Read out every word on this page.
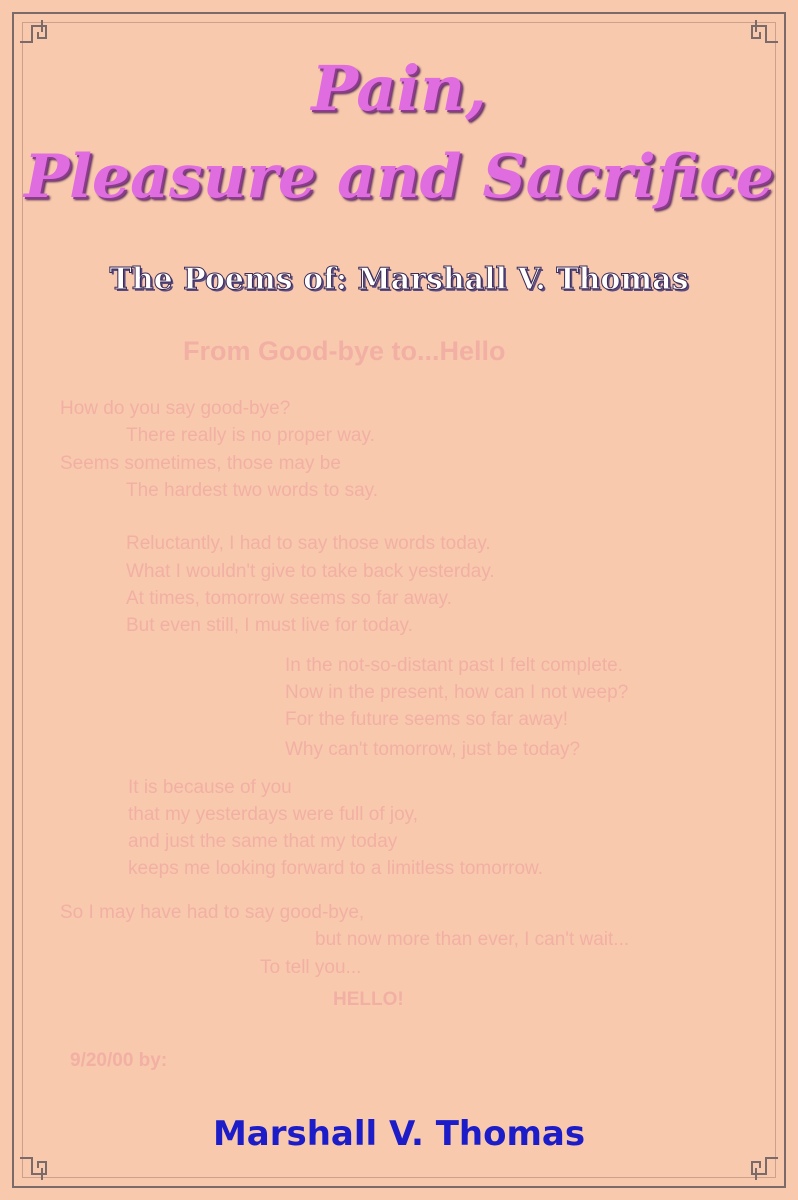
Pain,
Pleasure and Sacrifice
The Poems of: Marshall V. Thomas
From Good-bye to...Hello
How do you say good-bye?
There really is no proper way.
Seems sometimes, those may be
The hardest two words to say.
Reluctantly, I had to say those words today.
What I wouldn't give to take back yesterday.
At times, tomorrow seems so far away.
But even still, I must live for today.
In the not-so-distant past I felt complete.
Now in the present, how can I not weep?
For the future seems so far away!
Why can't tomorrow, just be today?
It is because of you
that my yesterdays were full of joy,
and just the same that my today
keeps me looking forward to a limitless tomorrow.
So I may have had to say good-bye,
but now more than ever, I can't wait...
To tell you...
HELLO!
9/20/00 by:
Marshall V. Thomas
